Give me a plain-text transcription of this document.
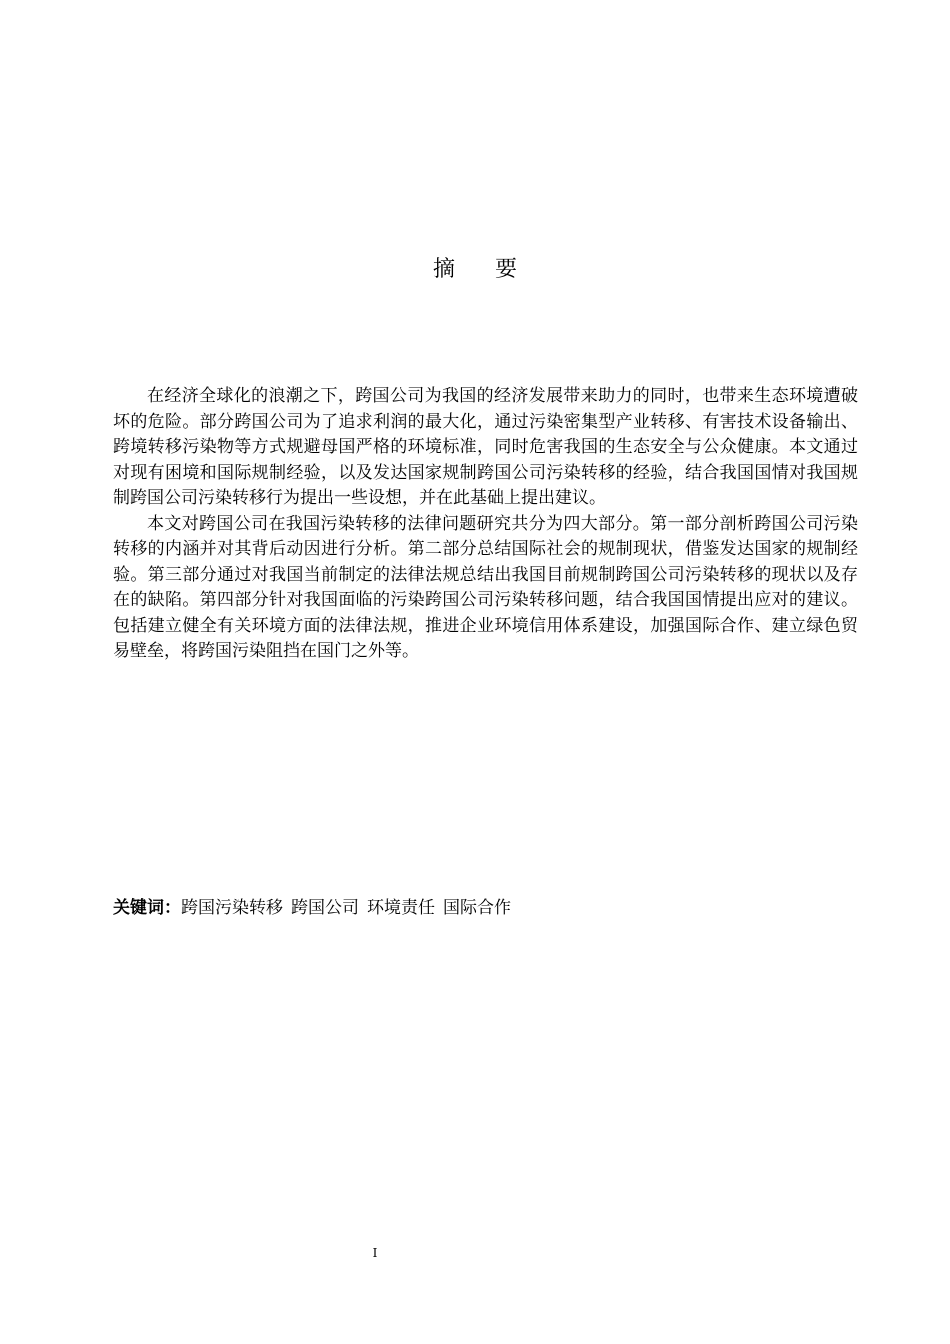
摘 要

在经济全球化的浪潮之下，跨国公司为我国的经济发展带来助力的同时，也带来生态环境遭破坏的危险。部分跨国公司为了追求利润的最大化，通过污染密集型产业转移、有害技术设备输出、跨境转移污染物等方式规避母国严格的环境标准，同时危害我国的生态安全与公众健康。本文通过对现有困境和国际规制经验，以及发达国家规制跨国公司污染转移的经验，结合我国国情对我国规制跨国公司污染转移行为提出一些设想，并在此基础上提出建议。

本文对跨国公司在我国污染转移的法律问题研究共分为四大部分。第一部分剖析跨国公司污染转移的内涵并对其背后动因进行分析。第二部分总结国际社会的规制现状，借鉴发达国家的规制经验。第三部分通过对我国当前制定的法律法规总结出我国目前规制跨国公司污染转移的现状以及存在的缺陷。第四部分针对我国面临的污染跨国公司污染转移问题，结合我国国情提出应对的建议。包括建立健全有关环境方面的法律法规，推进企业环境信用体系建设，加强国际合作、建立绿色贸易壁垒，将跨国污染阻挡在国门之外等。

关键词：跨国污染转移 跨国公司 环境责任 国际合作
I
